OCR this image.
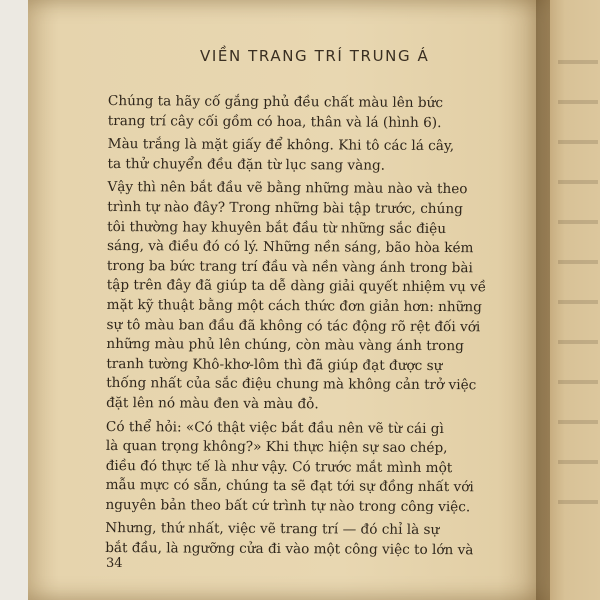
VIỀN TRANG TRÍ TRUNG Á

Chúng ta hãy cố gắng phủ đều chất màu lên bức
trang trí cây cối gồm có hoa, thân và lá (hình 6).

Màu trắng là mặt giấy để không. Khi tô các lá cây,
ta thử chuyển đều đặn từ lục sang vàng.

Vậy thì nên bắt đầu vẽ bằng những màu nào và theo
trình tự nào đây? Trong những bài tập trước, chúng
tôi thường hay khuyên bắt đầu từ những sắc điệu
sáng, và điều đó có lý. Những nền sáng, bão hòa kém
trong ba bức trang trí đầu và nền vàng ánh trong bài
tập trên đây đã giúp ta dễ dàng giải quyết nhiệm vụ về
mặt kỹ thuật bằng một cách thức đơn giản hơn: những
sự tô màu ban đầu đã không có tác động rõ rệt đối với
những màu phủ lên chúng, còn màu vàng ánh trong
tranh tường Khô-khơ-lôm thì đã giúp đạt được sự
thống nhất của sắc điệu chung mà không cản trở việc
đặt lên nó màu đen và màu đỏ.

Có thể hỏi: «Có thật việc bắt đầu nên vẽ từ cái gì
là quan trọng không?» Khi thực hiện sự sao chép,
điều đó thực tế là như vậy. Có trước mắt mình một
mẫu mực có sẵn, chúng ta sẽ đạt tới sự đồng nhất với
nguyên bản theo bất cứ trình tự nào trong công việc.

Nhưng, thứ nhất, việc vẽ trang trí — đó chỉ là sự
bắt đầu, là ngưỡng cửa đi vào một công việc to lớn và

34
